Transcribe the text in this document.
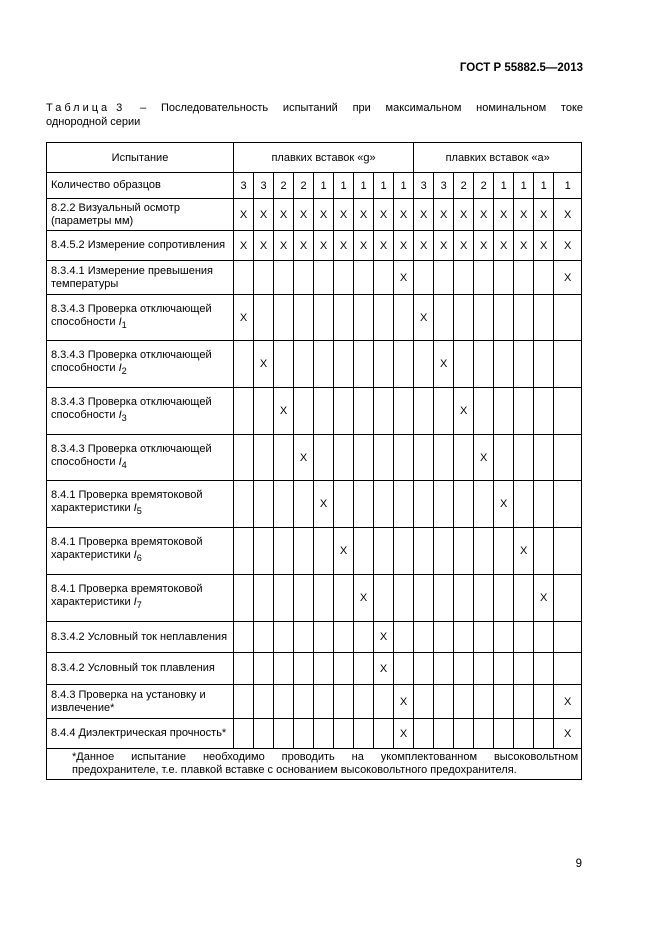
ГОСТ Р 55882.5—2013
Таблица 3 – Последовательность испытаний при максимальном номинальном токе
однородной серии
Испытание	плавких вставок «g»									плавких вставок «a»							
Количество образцов	3	3	2	2	1	1	1	1	1	3	3	2	2	1	1	1	1
8.2.2 Визуальный осмотр (параметры мм)	X	X	X	X	X	X	X	X	X	X	X	X	X	X	X	X	X
8.4.5.2 Измерение сопротивления	X	X	X	X	X	X	X	X	X	X	X	X	X	X	X	X	X
8.3.4.1 Измерение превышения температуры									X								X
8.3.4.3 Проверка отключающей способности $I_1$	X									X							
8.3.4.3 Проверка отключающей способности $I_2$		X									X						
8.3.4.3 Проверка отключающей способности $I_3$			X									X					
8.3.4.3 Проверка отключающей способности $I_4$				X									X				
8.4.1 Проверка времятоковой характеристики $I_5$					X									X			
8.4.1 Проверка времятоковой характеристики $I_6$						X									X		
8.4.1 Проверка времятоковой характеристики $I_7$							X									X	
8.3.4.2 Условный ток неплавления								X									
8.3.4.2 Условный ток плавления								X									
8.4.3 Проверка на установку и извлечение*									X								X
8.4.4 Диэлектрическая прочность*									X								X

*Данное испытание необходимо проводить на укомплектованном высоковольтном предохранителе, т.е. плавкой вставке с основанием высоковольтного предохранителя.																	
9
